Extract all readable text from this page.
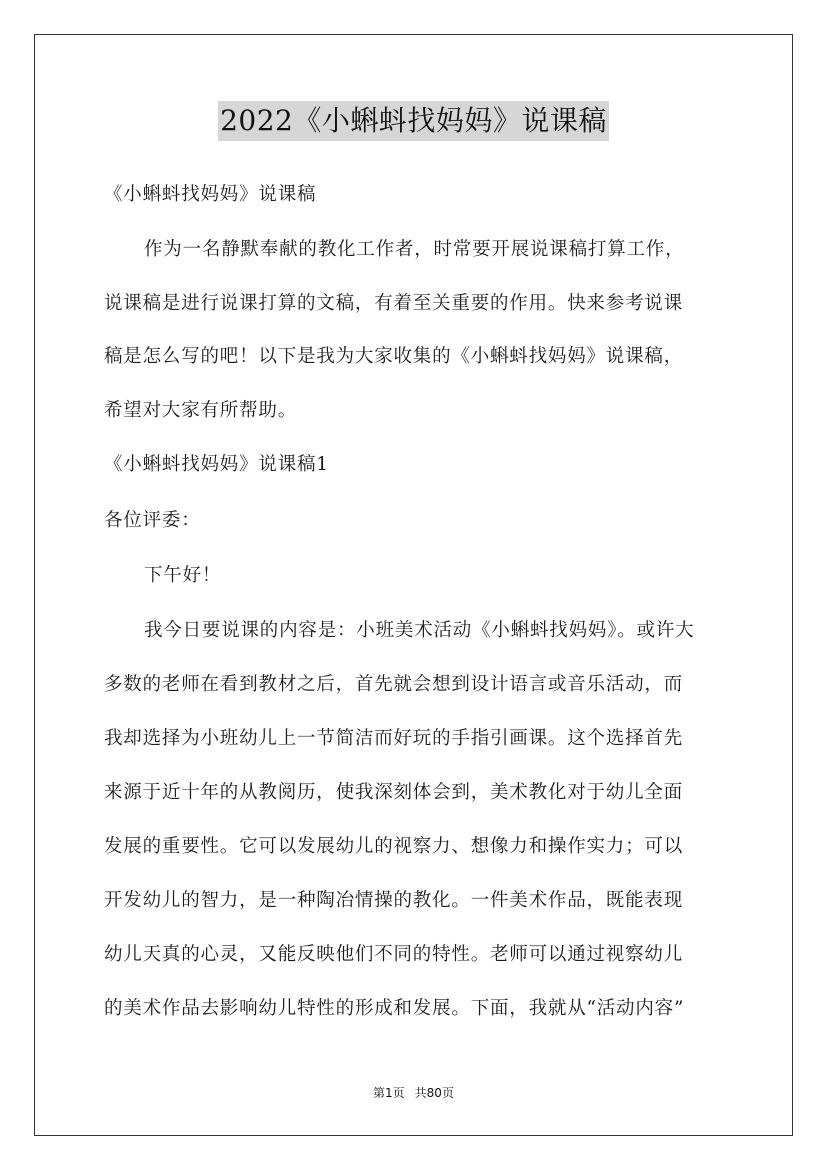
2022《小蝌蚪找妈妈》说课稿

《小蝌蚪找妈妈》说课稿

作为一名静默奉献的教化工作者，时常要开展说课稿打算工作，

说课稿是进行说课打算的文稿，有着至关重要的作用。快来参考说课

稿是怎么写的吧！以下是我为大家收集的《小蝌蚪找妈妈》说课稿，

希望对大家有所帮助。

《小蝌蚪找妈妈》说课稿1

各位评委：

下午好！

我今日要说课的内容是：小班美术活动《小蝌蚪找妈妈》。或许大

多数的老师在看到教材之后，首先就会想到设计语言或音乐活动，而

我却选择为小班幼儿上一节简洁而好玩的手指引画课。这个选择首先

来源于近十年的从教阅历，使我深刻体会到，美术教化对于幼儿全面

发展的重要性。它可以发展幼儿的视察力、想像力和操作实力；可以

开发幼儿的智力，是一种陶冶情操的教化。一件美术作品，既能表现

幼儿天真的心灵，又能反映他们不同的特性。老师可以通过视察幼儿

的美术作品去影响幼儿特性的形成和发展。下面，我就从“活动内容”

第1页 共80页
